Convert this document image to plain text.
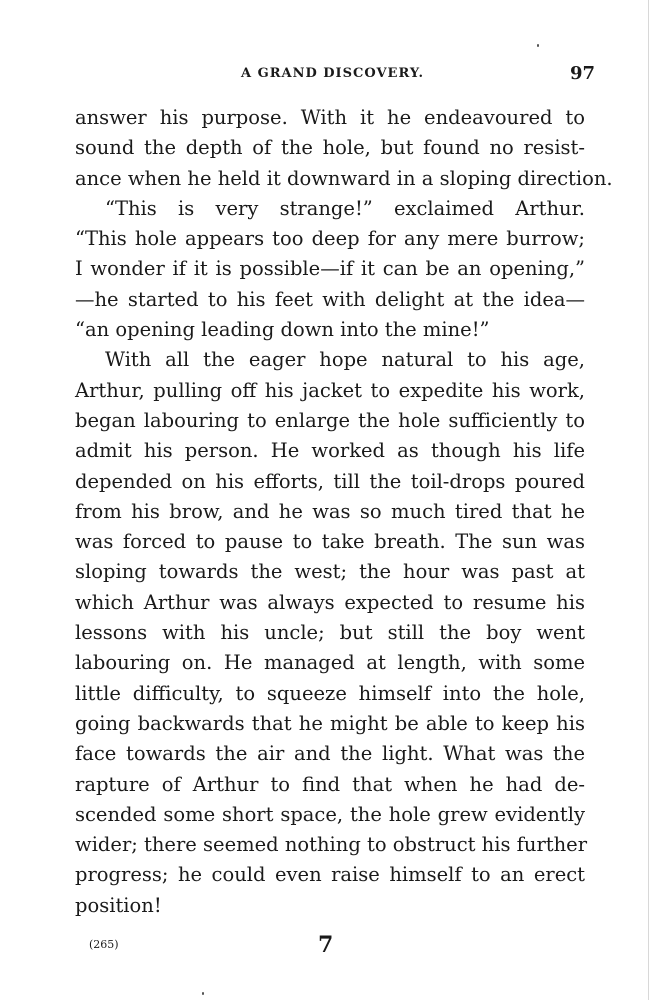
A GRAND DISCOVERY.	97
answer his purpose. With it he endeavoured to
sound the depth of the hole, but found no resist-
ance when he held it downward in a sloping direction.
“This is very strange!” exclaimed Arthur.
“This hole appears too deep for any mere burrow;
I wonder if it is possible—if it can be an opening,”
—he started to his feet with delight at the idea—
“an opening leading down into the mine!”
With all the eager hope natural to his age,
Arthur, pulling off his jacket to expedite his work,
began labouring to enlarge the hole sufficiently to
admit his person. He worked as though his life
depended on his efforts, till the toil-drops poured
from his brow, and he was so much tired that he
was forced to pause to take breath. The sun was
sloping towards the west; the hour was past at
which Arthur was always expected to resume his
lessons with his uncle; but still the boy went
labouring on. He managed at length, with some
little difficulty, to squeeze himself into the hole,
going backwards that he might be able to keep his
face towards the air and the light. What was the
rapture of Arthur to find that when he had de-
scended some short space, the hole grew evidently
wider; there seemed nothing to obstruct his further
progress; he could even raise himself to an erect
position!
(265)	7
